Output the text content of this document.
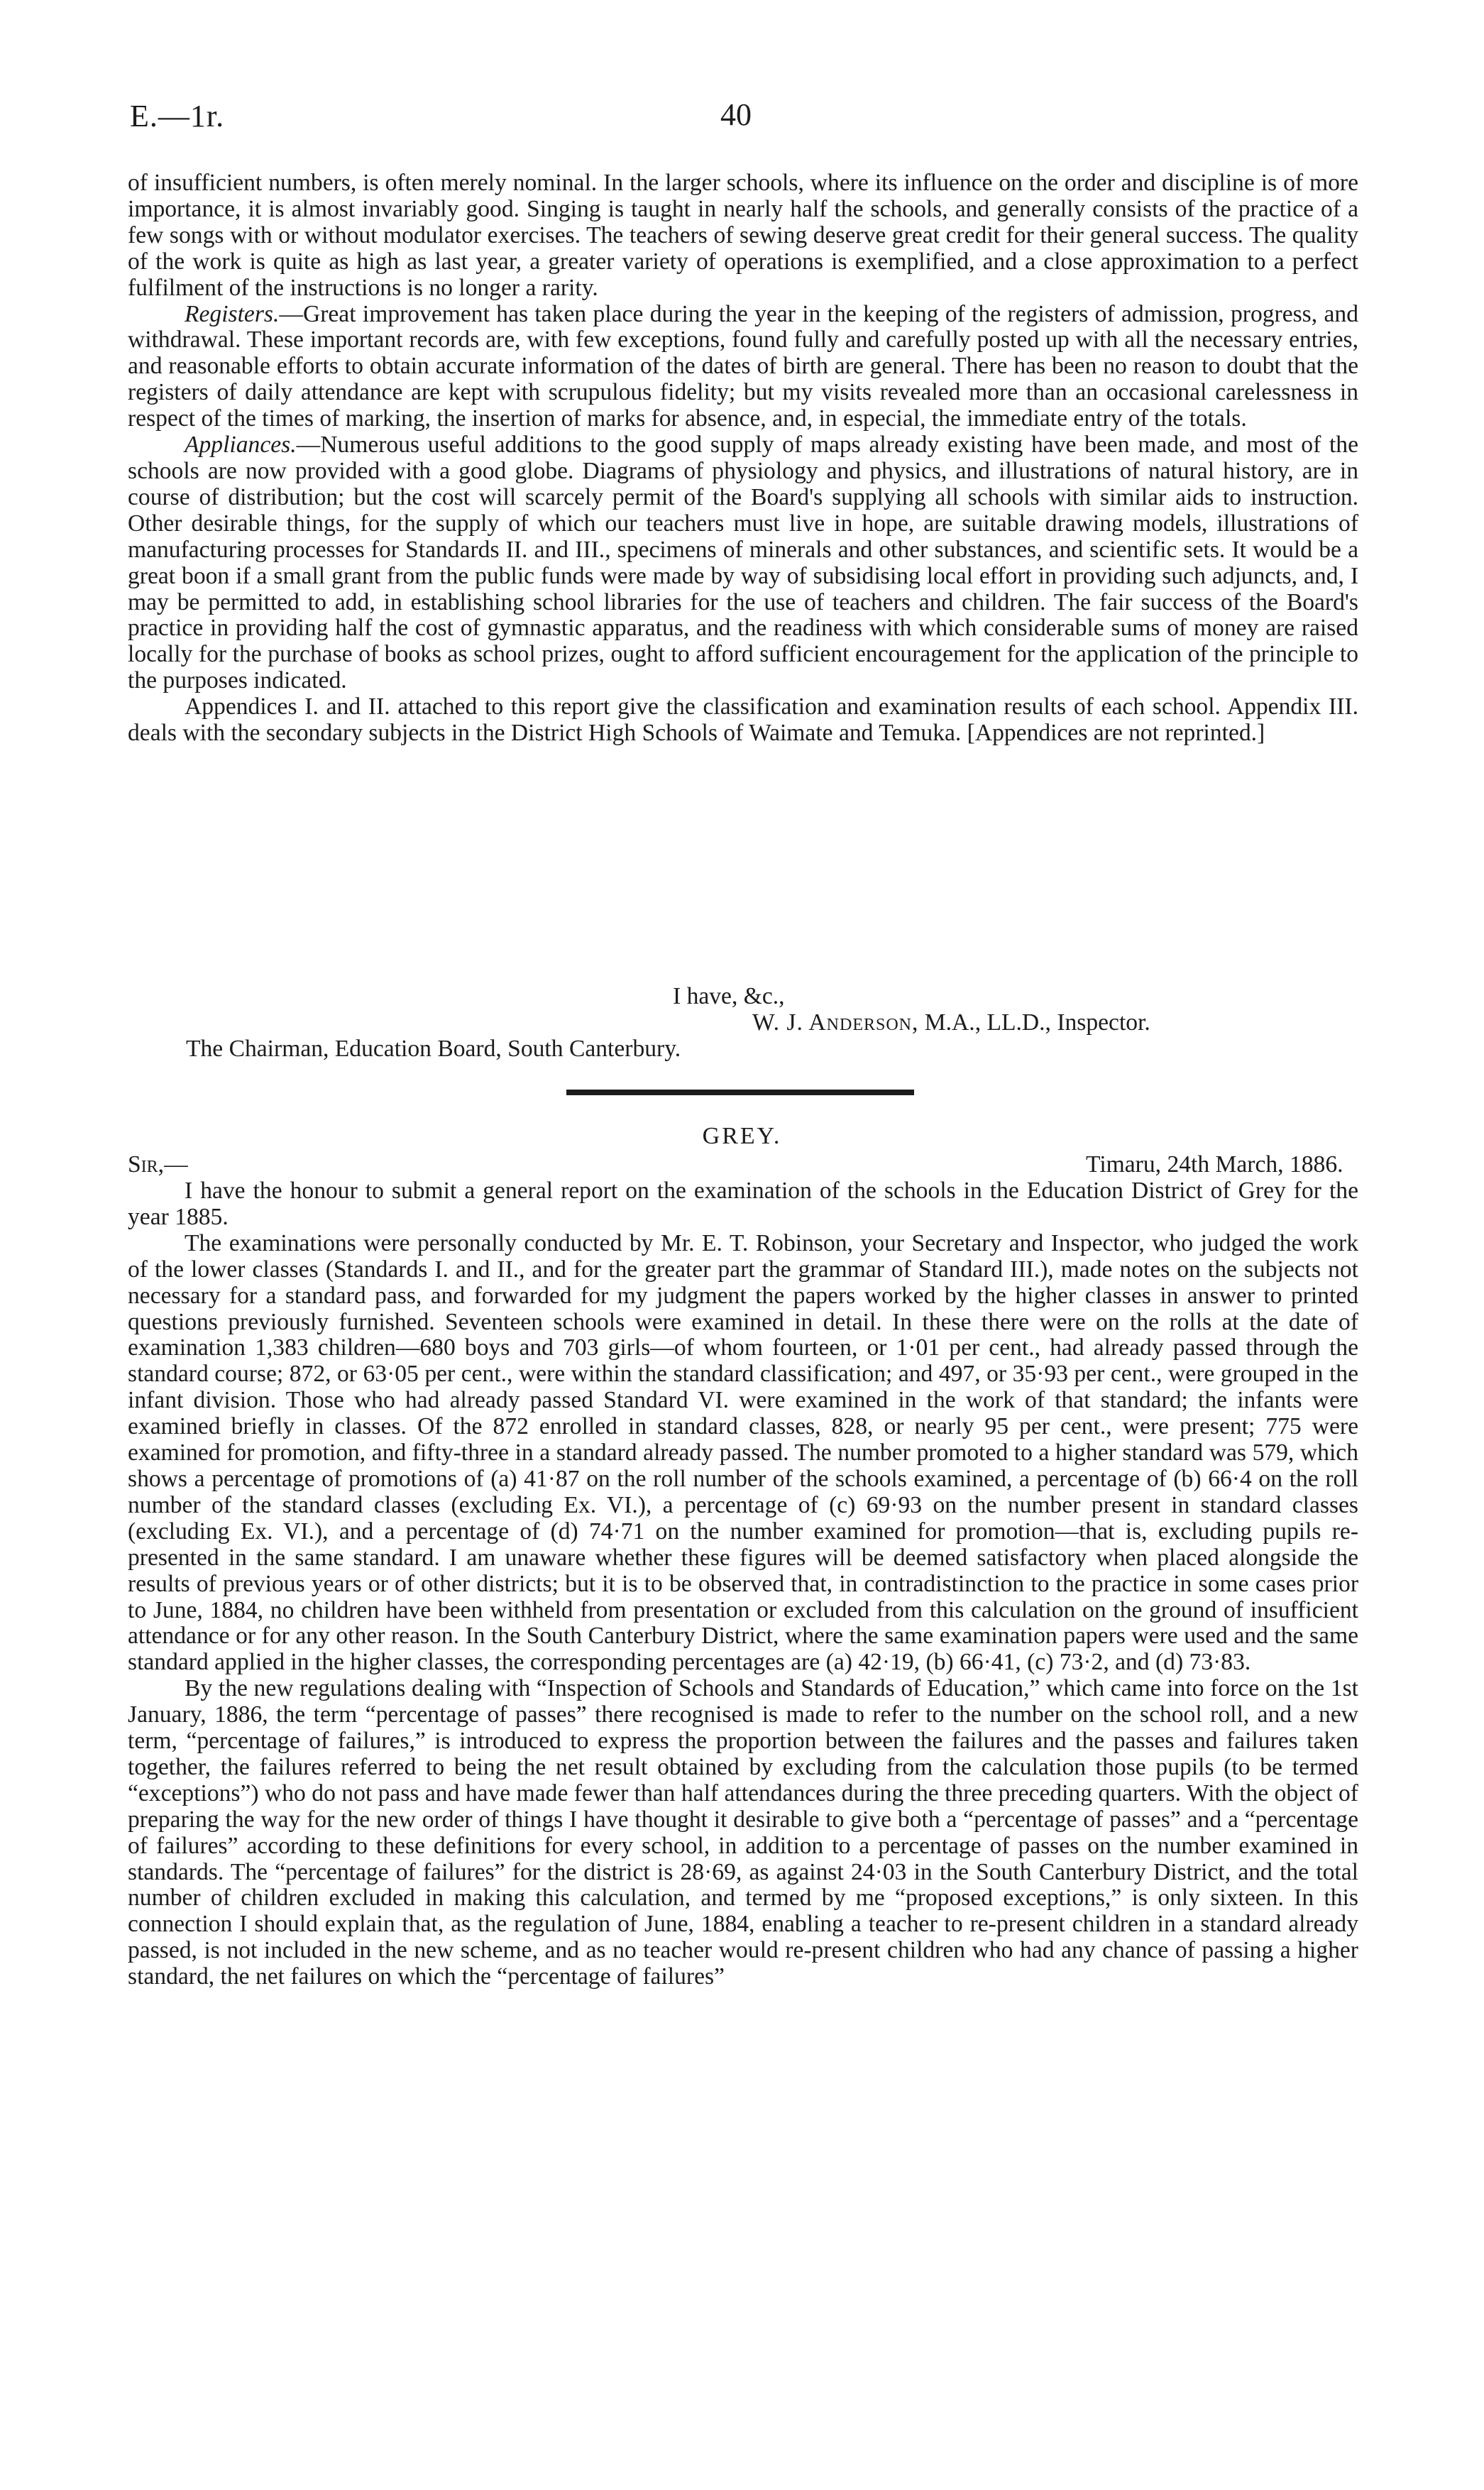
E.—1r.	40

of insufficient numbers, is often merely nominal. In the larger schools, where its influence on the order and discipline is of more importance, it is almost invariably good. Singing is taught in nearly half the schools, and generally consists of the practice of a few songs with or without modulator exercises. The teachers of sewing deserve great credit for their general success. The quality of the work is quite as high as last year, a greater variety of operations is exemplified, and a close approximation to a perfect fulfilment of the instructions is no longer a rarity.

Registers.—Great improvement has taken place during the year in the keeping of the registers of admission, progress, and withdrawal. These important records are, with few exceptions, found fully and carefully posted up with all the necessary entries, and reasonable efforts to obtain accurate information of the dates of birth are general. There has been no reason to doubt that the registers of daily attendance are kept with scrupulous fidelity; but my visits revealed more than an occasional carelessness in respect of the times of marking, the insertion of marks for absence, and, in especial, the immediate entry of the totals.

Appliances.—Numerous useful additions to the good supply of maps already existing have been made, and most of the schools are now provided with a good globe. Diagrams of physiology and physics, and illustrations of natural history, are in course of distribution; but the cost will scarcely permit of the Board's supplying all schools with similar aids to instruction. Other desirable things, for the supply of which our teachers must live in hope, are suitable drawing models, illustrations of manufacturing processes for Standards II. and III., specimens of minerals and other substances, and scientific sets. It would be a great boon if a small grant from the public funds were made by way of subsidising local effort in providing such adjuncts, and, I may be permitted to add, in establishing school libraries for the use of teachers and children. The fair success of the Board's practice in providing half the cost of gymnastic apparatus, and the readiness with which considerable sums of money are raised locally for the purchase of books as school prizes, ought to afford sufficient encouragement for the application of the principle to the purposes indicated.

Appendices I. and II. attached to this report give the classification and examination results of each school. Appendix III. deals with the secondary subjects in the District High Schools of Waimate and Temuka. [Appendices are not reprinted.]

I have, &c.,
W. J. Anderson, M.A., LL.D., Inspector.
The Chairman, Education Board, South Canterbury.
GREY.
Sir,—	Timaru, 24th March, 1886.

I have the honour to submit a general report on the examination of the schools in the Education District of Grey for the year 1885.

The examinations were personally conducted by Mr. E. T. Robinson, your Secretary and Inspector, who judged the work of the lower classes (Standards I. and II., and for the greater part the grammar of Standard III.), made notes on the subjects not necessary for a standard pass, and forwarded for my judgment the papers worked by the higher classes in answer to printed questions previously furnished. Seventeen schools were examined in detail. In these there were on the rolls at the date of examination 1,383 children—680 boys and 703 girls—of whom fourteen, or 1·01 per cent., had already passed through the standard course; 872, or 63·05 per cent., were within the standard classification; and 497, or 35·93 per cent., were grouped in the infant division. Those who had already passed Standard VI. were examined in the work of that standard; the infants were examined briefly in classes. Of the 872 enrolled in standard classes, 828, or nearly 95 per cent., were present; 775 were examined for promotion, and fifty-three in a standard already passed. The number promoted to a higher standard was 579, which shows a percentage of promotions of (a) 41·87 on the roll number of the schools examined, a percentage of (b) 66·4 on the roll number of the standard classes (excluding Ex. VI.), a percentage of (c) 69·93 on the number present in standard classes (excluding Ex. VI.), and a percentage of (d) 74·71 on the number examined for promotion—that is, excluding pupils re-presented in the same standard. I am unaware whether these figures will be deemed satisfactory when placed alongside the results of previous years or of other districts; but it is to be observed that, in contradistinction to the practice in some cases prior to June, 1884, no children have been withheld from presentation or excluded from this calculation on the ground of insufficient attendance or for any other reason. In the South Canterbury District, where the same examination papers were used and the same standard applied in the higher classes, the corresponding percentages are (a) 42·19, (b) 66·41, (c) 73·2, and (d) 73·83.

By the new regulations dealing with “Inspection of Schools and Standards of Education,” which came into force on the 1st January, 1886, the term “percentage of passes” there recognised is made to refer to the number on the school roll, and a new term, “percentage of failures,” is introduced to express the proportion between the failures and the passes and failures taken together, the failures referred to being the net result obtained by excluding from the calculation those pupils (to be termed “exceptions”) who do not pass and have made fewer than half attendances during the three preceding quarters. With the object of preparing the way for the new order of things I have thought it desirable to give both a “percentage of passes” and a “percentage of failures” according to these definitions for every school, in addition to a percentage of passes on the number examined in standards. The “percentage of failures” for the district is 28·69, as against 24·03 in the South Canterbury District, and the total number of children excluded in making this calculation, and termed by me “proposed exceptions,” is only sixteen. In this connection I should explain that, as the regulation of June, 1884, enabling a teacher to re-present children in a standard already passed, is not included in the new scheme, and as no teacher would re-present children who had any chance of passing a higher standard, the net failures on which the “percentage of failures”
